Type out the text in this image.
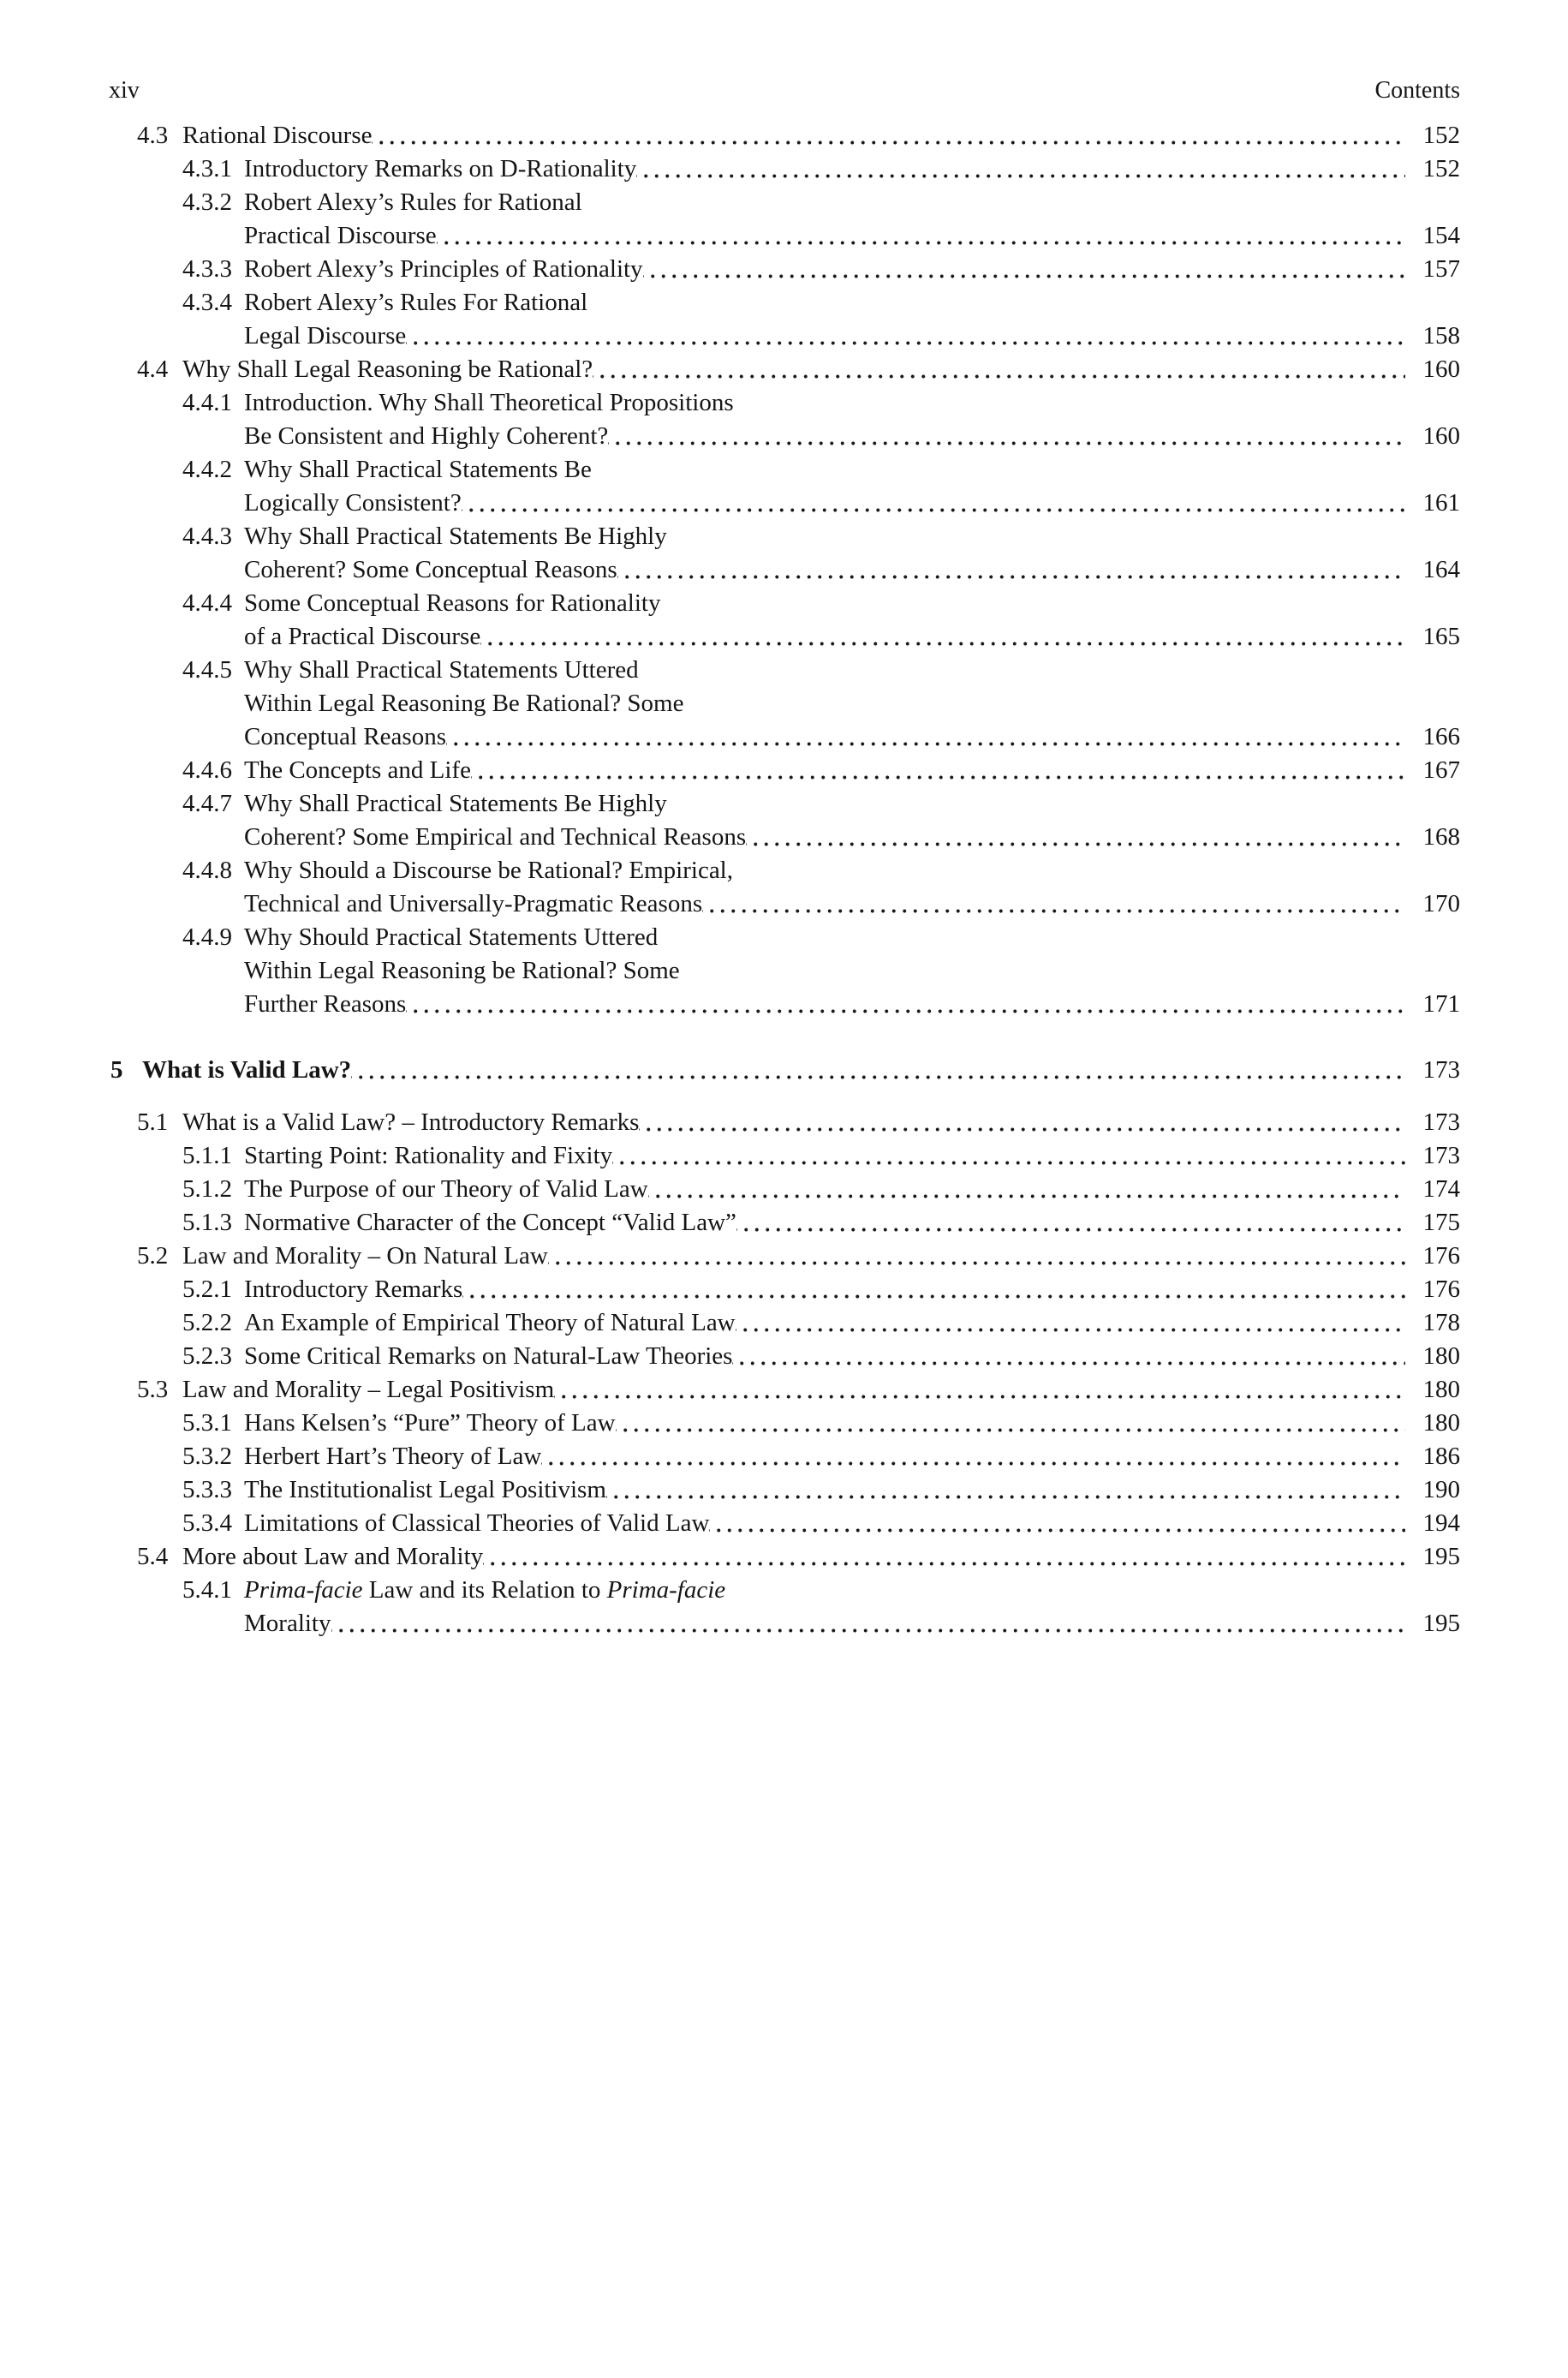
xiv	Contents
4.3 Rational Discourse	152
4.3.1 Introductory Remarks on D-Rationality	152
4.3.2 Robert Alexy’s Rules for Rational
Practical Discourse	154
4.3.3 Robert Alexy’s Principles of Rationality	157
4.3.4 Robert Alexy’s Rules For Rational
Legal Discourse	158
4.4 Why Shall Legal Reasoning be Rational?	160
4.4.1 Introduction. Why Shall Theoretical Propositions
Be Consistent and Highly Coherent?	160
4.4.2 Why Shall Practical Statements Be
Logically Consistent?	161
4.4.3 Why Shall Practical Statements Be Highly
Coherent? Some Conceptual Reasons	164
4.4.4 Some Conceptual Reasons for Rationality
of a Practical Discourse	165
4.4.5 Why Shall Practical Statements Uttered
Within Legal Reasoning Be Rational? Some
Conceptual Reasons	166
4.4.6 The Concepts and Life	167
4.4.7 Why Shall Practical Statements Be Highly
Coherent? Some Empirical and Technical Reasons	168
4.4.8 Why Should a Discourse be Rational? Empirical,
Technical and Universally-Pragmatic Reasons	170
4.4.9 Why Should Practical Statements Uttered
Within Legal Reasoning be Rational? Some
Further Reasons	171
5 What is Valid Law?	173
5.1 What is a Valid Law? – Introductory Remarks	173
5.1.1 Starting Point: Rationality and Fixity	173
5.1.2 The Purpose of our Theory of Valid Law	174
5.1.3 Normative Character of the Concept “Valid Law”	175
5.2 Law and Morality – On Natural Law	176
5.2.1 Introductory Remarks	176
5.2.2 An Example of Empirical Theory of Natural Law	178
5.2.3 Some Critical Remarks on Natural-Law Theories	180
5.3 Law and Morality – Legal Positivism	180
5.3.1 Hans Kelsen’s “Pure” Theory of Law	180
5.3.2 Herbert Hart’s Theory of Law	186
5.3.3 The Institutionalist Legal Positivism	190
5.3.4 Limitations of Classical Theories of Valid Law	194
5.4 More about Law and Morality	195
5.4.1 Prima-facie Law and its Relation to Prima-facie
Morality	195
